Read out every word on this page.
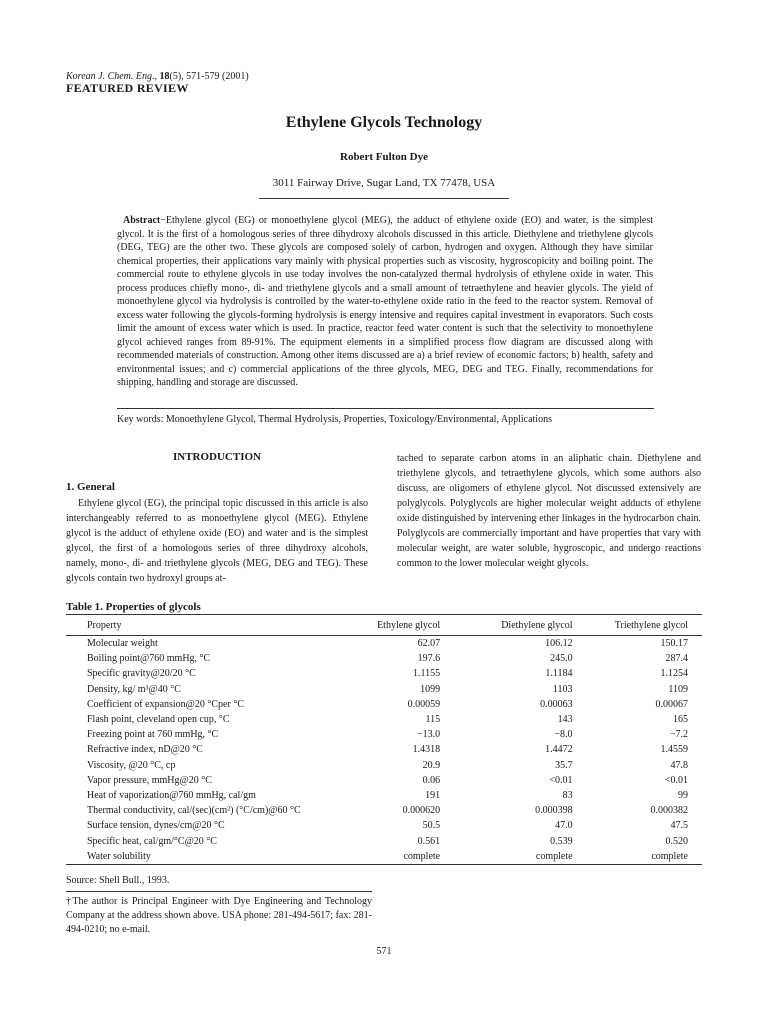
Korean J. Chem. Eng., 18(5), 571-579 (2001)
FEATURED REVIEW
Ethylene Glycols Technology
Robert Fulton Dye
3011 Fairway Drive, Sugar Land, TX 77478, USA

Abstract−Ethylene glycol (EG) or monoethylene glycol (MEG), the adduct of ethylene oxide (EO) and water, is the simplest glycol. It is the first of a homologous series of three dihydroxy alcohols discussed in this article. Diethylene and triethylene glycols (DEG, TEG) are the other two. These glycols are composed solely of carbon, hydrogen and oxygen. Although they have similar chemical properties, their applications vary mainly with physical properties such as viscosity, hygroscopicity and boiling point. The commercial route to ethylene glycols in use today involves the non-catalyzed thermal hydrolysis of ethylene oxide in water. This process produces chiefly mono-, di- and triethylene glycols and a small amount of tetraethylene and heavier glycols. The yield of monoethylene glycol via hydrolysis is controlled by the water-to-ethylene oxide ratio in the feed to the reactor system. Removal of excess water following the glycols-forming hydrolysis is energy intensive and requires capital investment in evaporators. Such costs limit the amount of excess water which is used. In practice, reactor feed water content is such that the selectivity to monoethylene glycol achieved ranges from 89-91%. The equipment elements in a simplified process flow diagram are discussed along with recommended materials of construction. Among other items discussed are a) a brief review of economic factors; b) health, safety and environmental issues; and c) commercial applications of the three glycols, MEG, DEG and TEG. Finally, recommendations for shipping, handling and storage are discussed.

Key words: Monoethylene Glycol, Thermal Hydrolysis, Properties, Toxicology/Environmental, Applications
INTRODUCTION
1. General

Ethylene glycol (EG), the principal topic discussed in this article is also interchangeably referred to as monoethylene glycol (MEG). Ethylene glycol is the adduct of ethylene oxide (EO) and water and is the simplest glycol, the first of a homologous series of three dihydroxy alcohols, namely, mono-, di- and triethylene glycols (MEG, DEG and TEG). These glycols contain two hydroxyl groups at-

tached to separate carbon atoms in an aliphatic chain. Diethylene and triethylene glycols, and tetraethylene glycols, which some authors also discuss, are oligomers of ethylene glycol. Not discussed extensively are polyglycols. Polyglycols are higher molecular weight adducts of ethylene oxide distinguished by intervening ether linkages in the hydrocarbon chain. Polyglycols are commercially important and have properties that vary with molecular weight, are water soluble, hygroscopic, and undergo reactions common to the lower molecular weight glycols.

Table 1. Properties of glycols
Property	Ethylene glycol	Diethylene glycol	Triethylene glycol
Molecular weight	62.07	106.12	150.17
Boiling point@760 mmHg, °C	197.6	245.0	287.4
Specific gravity@20/20 °C	1.1155	1.1184	1.1254
Density, kg/ m³@40 °C	1099	1103	1109
Coefficient of expansion@20 °Cper °C	0.00059	0.00063	0.00067
Flash point, cleveland open cup, °C	115	143	165
Freezing point at 760 mmHg, °C	−13.0	−8.0	−7.2
Refractive index, nD@20 °C	1.4318	1.4472	1.4559
Viscosity, @20 °C, cp	20.9	35.7	47.8
Vapor pressure, mmHg@20 °C	0.06	<0.01	<0.01
Heat of vaporization@760 mmHg, cal/gm	191	83	99
Thermal conductivity, cal/(sec)(cm²) (°C/cm)@60 °C	0.000620	0.000398	0.000382
Surface tension, dynes/cm@20 °C	50.5	47.0	47.5
Specific heat, cal/gm/°C@20 °C	0.561	0.539	0.520
Water solubility	complete	complete	complete
Source: Shell Bull., 1993.

†The author is Principal Engineer with Dye Engineering and Technology Company at the address shown above. USA phone: 281-494-5617; fax: 281-494-0210; no e-mail.

571
